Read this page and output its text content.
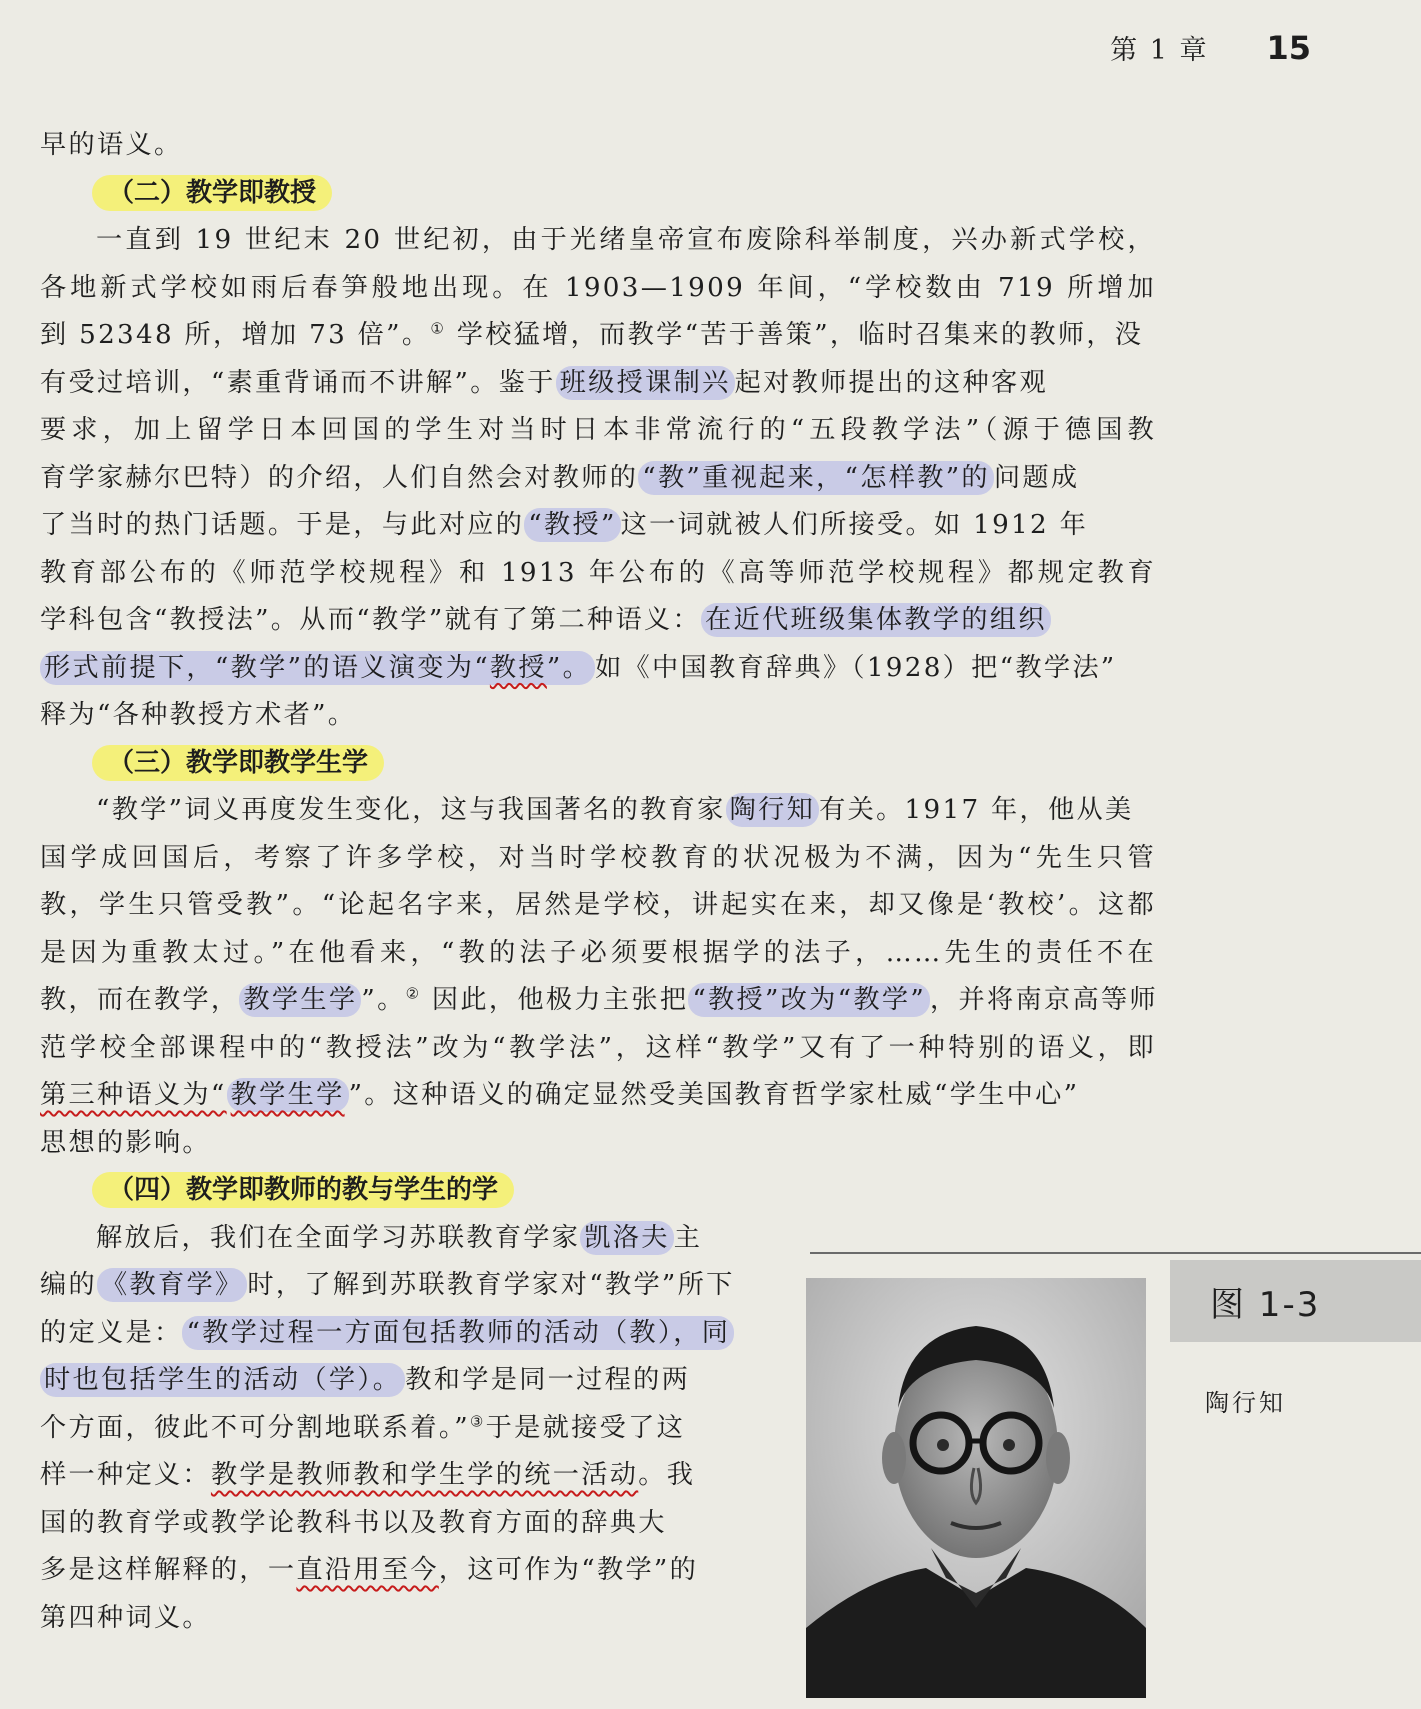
第 1 章 15
早的语义。
（二）教学即教授
一直到 19 世纪末 20 世纪初，由于光绪皇帝宣布废除科举制度，兴办新式学校，
各地新式学校如雨后春笋般地出现。在 1903—1909 年间，“学校数由 719 所增加
到 52348 所，增加 73 倍”。① 学校猛增，而教学“苦于善策”，临时召集来的教师，没
有受过培训，“素重背诵而不讲解”。鉴于 班级授课制兴 起对教师提出的这种客观
要求，加上留学日本回国的学生对当时日本非常流行的“五段教学法”（源于德国教
育学家赫尔巴特）的介绍，人们自然会对教师的 “教”重视起来，“怎样教”的 问题成
了当时的热门话题。于是，与此对应的 “教授” 这一词就被人们所接受。如 1912 年
教育部公布的《师范学校规程》和 1913 年公布的《高等师范学校规程》都规定教育
学科包含“教授法”。从而“教学”就有了第二种语义： 在近代班级集体教学的组织
形式前提下，“教学”的语义演变为“教授”。 如《中国教育辞典》（1928）把“教学法”
释为“各种教授方术者”。
（三）教学即教学生学
“教学”词义再度发生变化，这与我国著名的教育家 陶行知 有关。1917 年，他从美
国学成回国后，考察了许多学校，对当时学校教育的状况极为不满，因为“先生只管
教，学生只管受教”。“论起名字来，居然是学校，讲起实在来，却又像是‘教校’。这都
是因为重教太过。”在他看来，“教的法子必须要根据学的法子，……先生的责任不在
教，而在教学， 教学生学 ”。② 因此，他极力主张把 “教授”改为“教学” ，并将南京高等师
范学校全部课程中的“教授法”改为“教学法”，这样“教学”又有了一种特别的语义，即
第三种语义为“ 教学生学 ”。这种语义的确定显然受美国教育哲学家杜威“学生中心”
思想的影响。
（四）教学即教师的教与学生的学
解放后，我们在全面学习苏联教育学家 凯洛夫 主
编的 《教育学》 时，了解到苏联教育学家对“教学”所下
的定义是： “教学过程一方面包括教师的活动（教），同
时也包括学生的活动（学）。 教和学是同一过程的两
个方面，彼此不可分割地联系着。”③于是就接受了这
样一种定义：教学是教师教和学生学的统一活动。我
国的教育学或教学论教科书以及教育方面的辞典大
多是这样解释的，一直沿用至今，这可作为“教学”的
第四种词义。
图 1-3
陶行知
